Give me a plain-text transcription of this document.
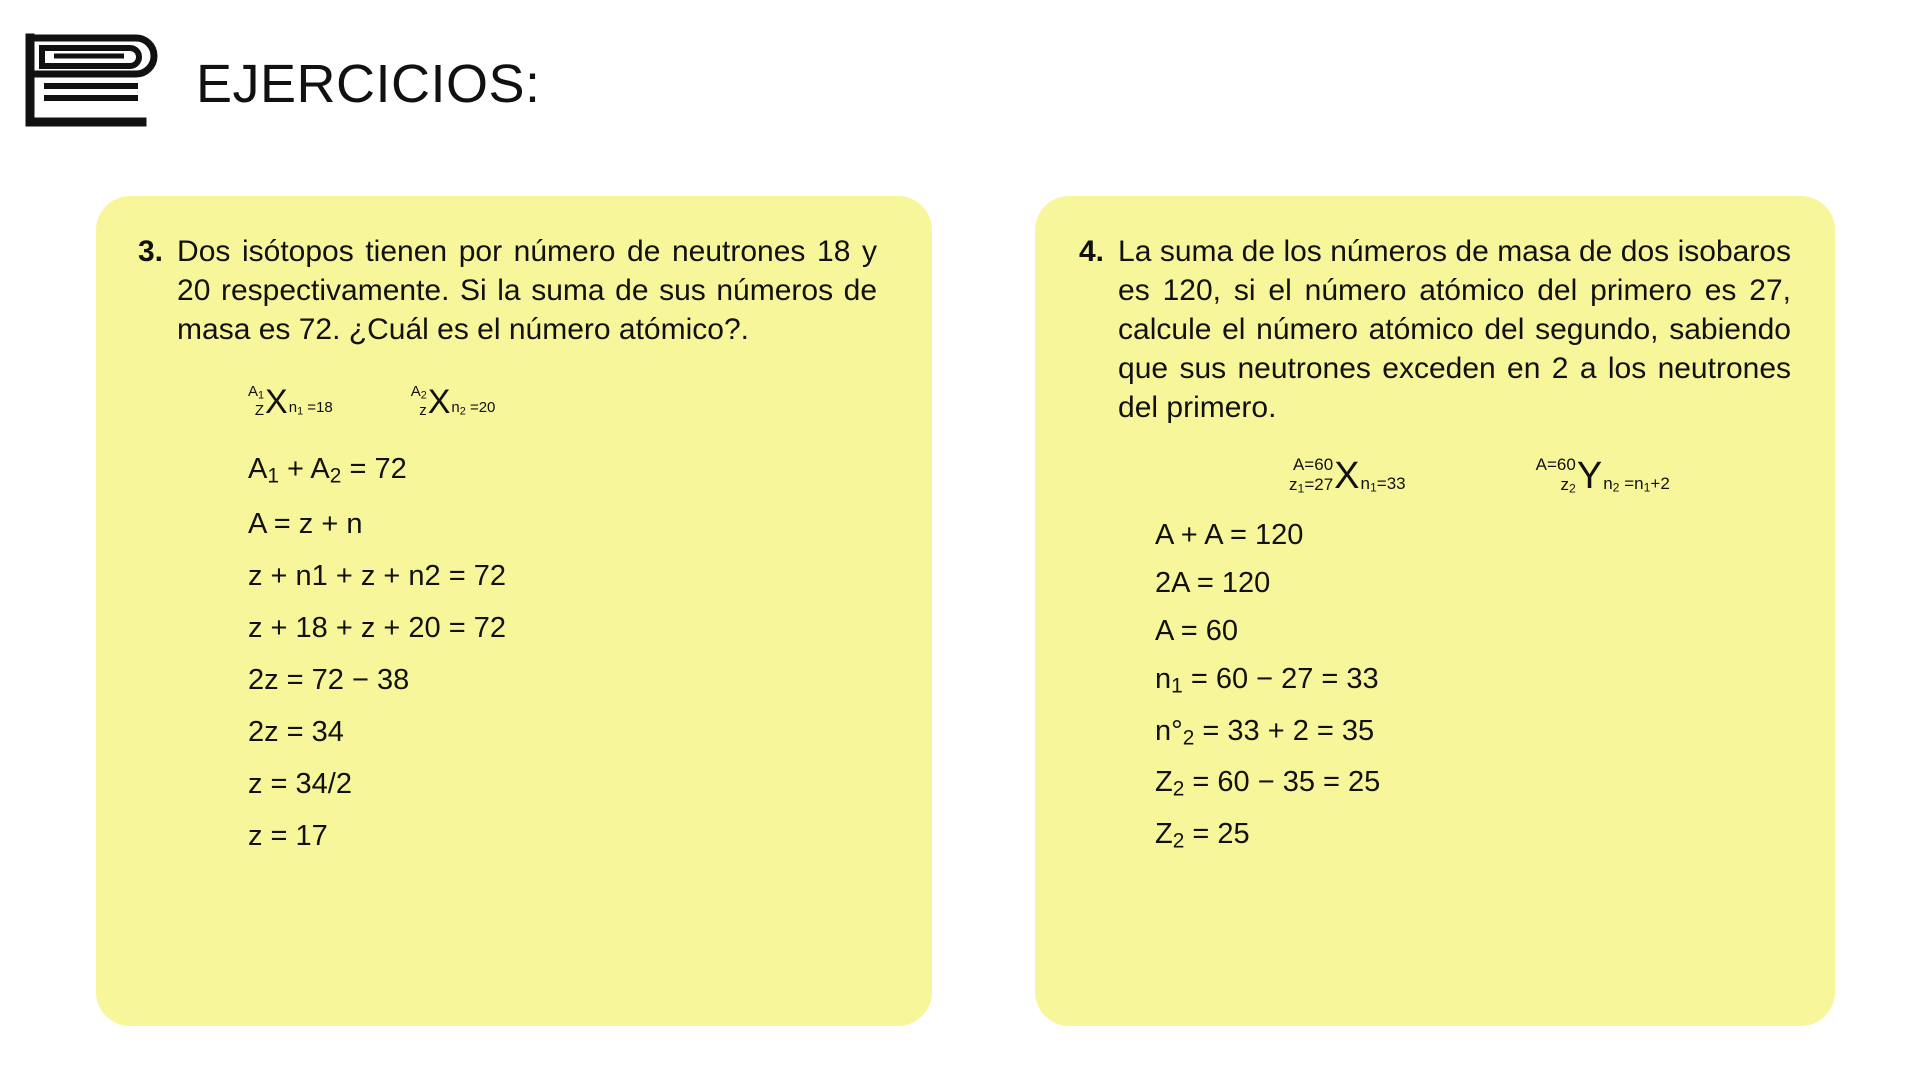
EJERCICIOS:
3. Dos isótopos tienen por número de neutrones 18 y 20 respectivamente. Si la suma de sus números de masa es 72. ¿Cuál es el número atómico?.
$A_1$
Z X $n_1 =18$
$A_2$
z X $n_2 =20$
$A_1 + A_2 = 72$
A = z + n
z + n1 + z + n2 = 72
z + 18 + z + 20 = 72
2z = 72 − 38
2z = 34
z = 34/2
z = 17
4. La suma de los números de masa de dos isobaros es 120, si el número atómico del primero es 27, calcule el número atómico del segundo, sabiendo que sus neutrones exceden en 2 a los neutrones del primero.
A=60
$z_1=27$ X $n_1=33$
A=60
$z_2$ Y $n_2 =n_1+2$
A + A = 120
2A = 120
A = 60
$n_1 = 60 - 27 = 33$
$n^\circ_2 = 33 + 2 = 35$
$Z_2 = 60 - 35 = 25$
$Z_2 = 25$
